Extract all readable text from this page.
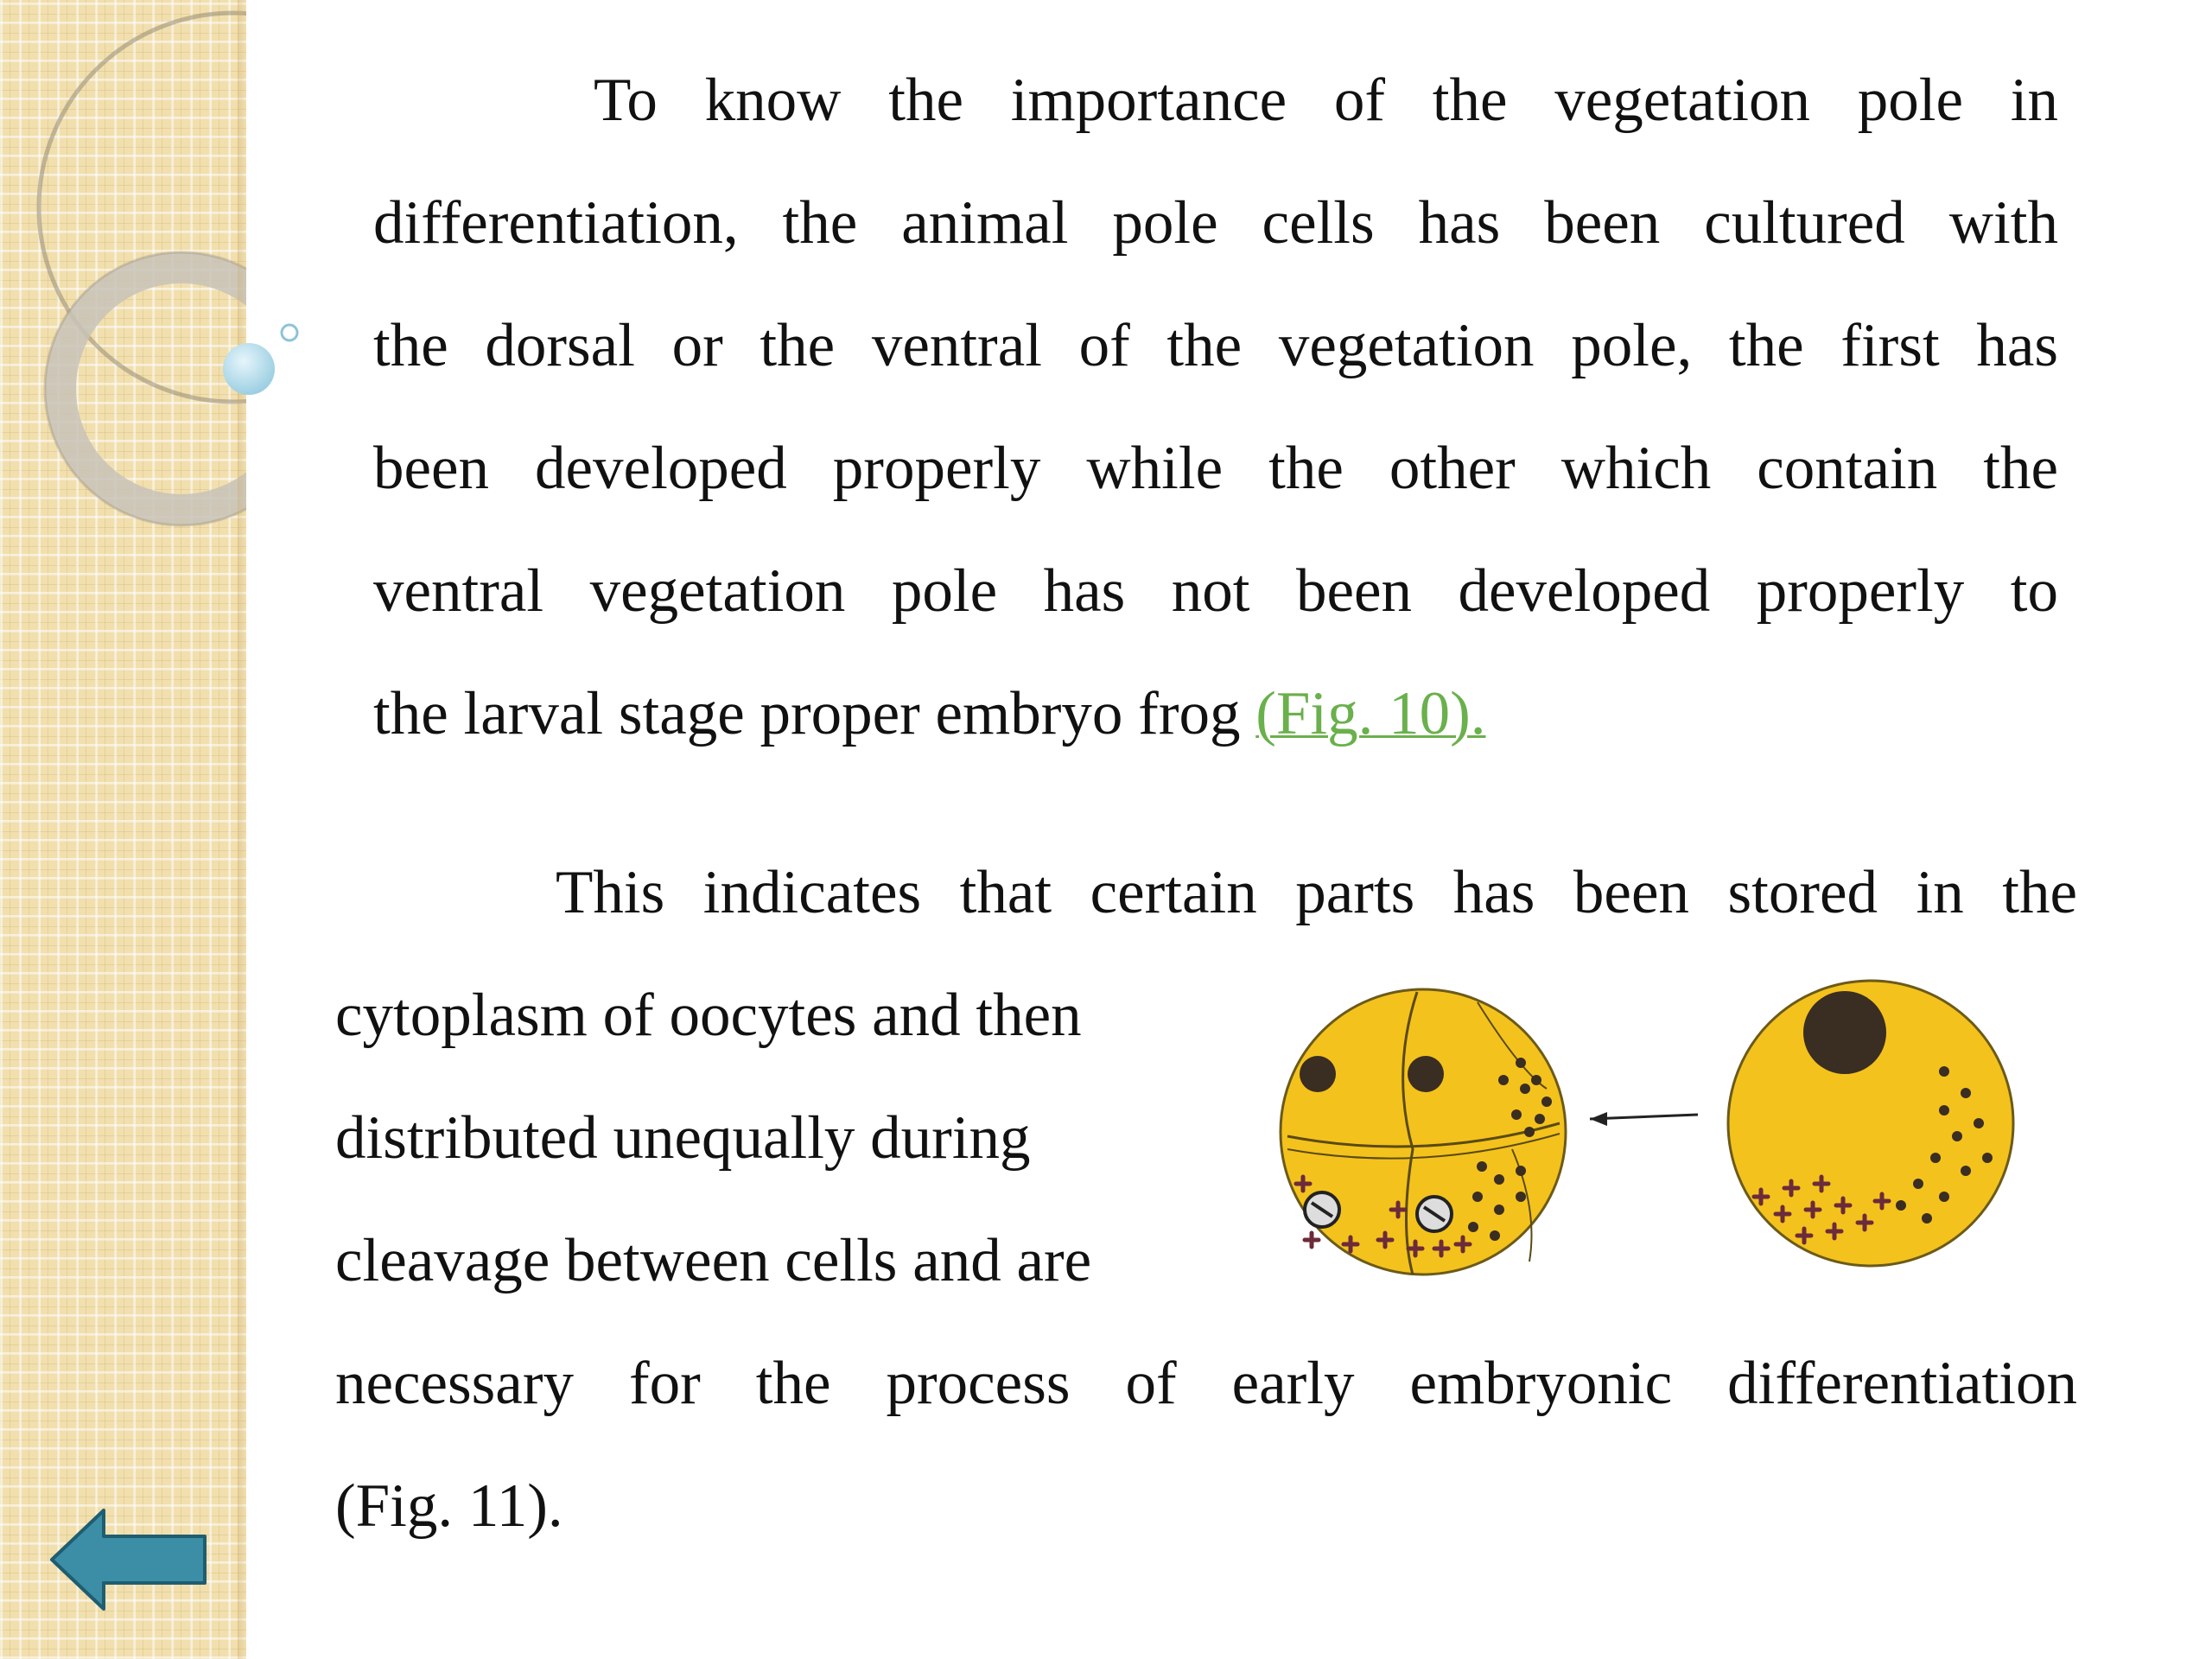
To know the importance of the vegetation pole in
differentiation, the animal pole cells has been cultured with
the dorsal or the ventral of the vegetation pole, the first has
been developed properly while the other which contain the
ventral vegetation pole has not been developed properly to
the larval stage proper embryo frog (Fig. 10).
This indicates that certain parts has been stored in the
cytoplasm of oocytes and then
distributed unequally during
cleavage between cells and are
necessary for the process of early embryonic differentiation
(Fig. 11).
